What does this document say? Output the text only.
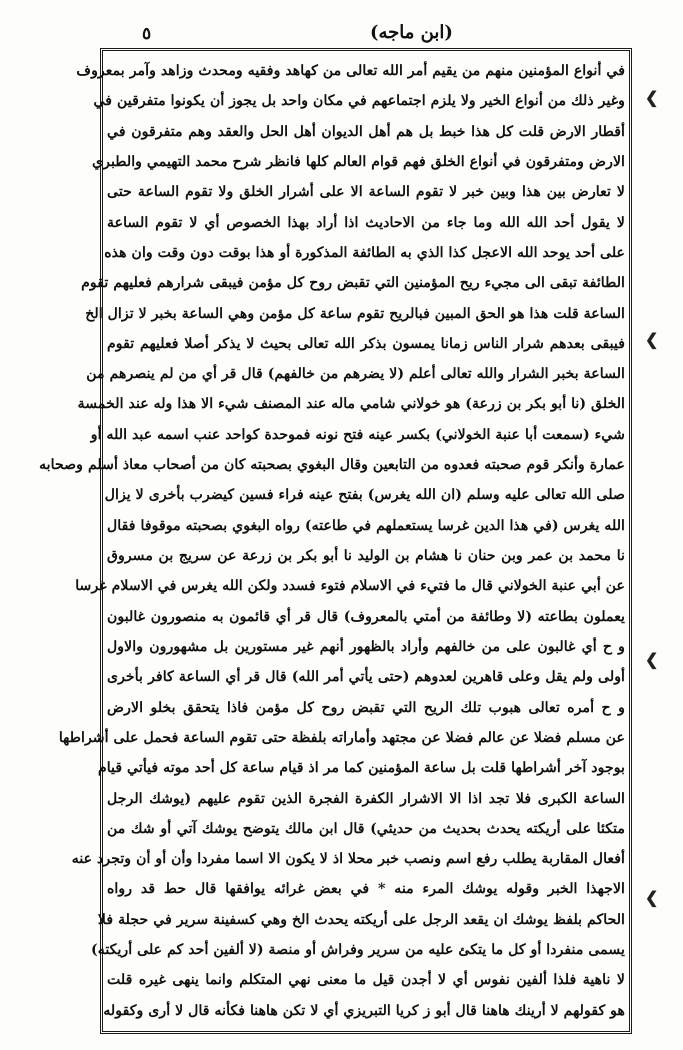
٥	(ابن ماجه)
في أنواع المؤمنين منهم من يقيم أمر الله تعالى من كهاهد وفقيه ومحدث وزاهد وآمر بمعروف
وغير ذلك من أنواع الخير ولا يلزم اجتماعهم في مكان واحد بل يجوز أن يكونوا متفرقين في
أقطار الارض قلت كل هذا خبط بل هم أهل الديوان أهل الحل والعقد وهم متفرقون في
الارض ومتفرقون في أنواع الخلق فهم قوام العالم كلها فانظر شرح محمد التهيمي والطبري
لا تعارض بين هذا وبين خبر لا تقوم الساعة الا على أشرار الخلق ولا تقوم الساعة حتى
لا يقول أحد الله الله وما جاء من الاحاديث اذا أراد بهذا الخصوص أي لا تقوم الساعة
على أحد يوحد الله الاعجل كذا الذي به الطائفة المذكورة أو هذا بوقت دون وقت وان هذه
الطائفة تبقى الى مجيء ريح المؤمنين التي تقبض روح كل مؤمن فيبقى شرارهم فعليهم تقوم
الساعة قلت هذا هو الحق المبين فبالريح تقوم ساعة كل مؤمن وهي الساعة بخبر لا تزال الخ
فيبقى بعدهم شرار الناس زمانا يمسون بذكر الله تعالى بحيث لا يذكر أصلا فعليهم تقوم
الساعة بخبر الشرار والله تعالى أعلم (لا يضرهم من خالفهم) قال قر أي من لم ينصرهم من
الخلق (نا أبو بكر بن زرعة) هو خولاني شامي ماله عند المصنف شيء الا هذا وله عند الخمسة
شيء (سمعت أبا عنبة الخولاني) بكسر عينه فتح نونه فموحدة كواحد عنب اسمه عبد الله أو
عمارة وأنكر قوم صحبته فعدوه من التابعين وقال البغوي بصحبته كان من أصحاب معاذ أسلم وصحابه
صلى الله تعالى عليه وسلم (ان الله يغرس) بفتح عينه فراء فسين كيضرب بأخرى لا يزال
الله يغرس (في هذا الدين غرسا يستعملهم في طاعته) رواه البغوي بصحبته موقوفا فقال
نا محمد بن عمر وبن حنان نا هشام بن الوليد نا أبو بكر بن زرعة عن سريج بن مسروق
عن أبي عنبة الخولاني قال ما فتيء في الاسلام فتوء فسدد ولكن الله يغرس في الاسلام غرسا
يعملون بطاعته (لا وطائفة من أمتي بالمعروف) قال قر أي قائمون به منصورون غالبون
و ح أي غالبون على من خالفهم وأراد بالظهور أنهم غير مستورين بل مشهورون والاول
أولى ولم يقل وعلى قاهرين لعدوهم (حتى يأتي أمر الله) قال قر أي الساعة كافر بأخرى
و ح أمره تعالى هبوب تلك الريح التي تقبض روح كل مؤمن فاذا يتحقق بخلو الارض
عن مسلم فضلا عن عالم فضلا عن مجتهد وأماراته بلفظة حتى تقوم الساعة فحمل على أشراطها
بوجود آخر أشراطها قلت بل ساعة المؤمنين كما مر اذ قيام ساعة كل أحد موته فيأتي قيام
الساعة الكبرى فلا تجد اذا الا الاشرار الكفرة الفجرة الذين تقوم عليهم (يوشك الرجل
متكئا على أريكته يحدث بحديث من حديثي) قال ابن مالك يتوضح يوشك آتي أو شك من
أفعال المقاربة يطلب رفع اسم ونصب خبر محلا اذ لا يكون الا اسما مفردا وأن أو أن وتجرد عنه
الاجهذا الخبر وقوله يوشك المرء منه * في بعض غرائه يوافقها قال حط قد رواه
الحاكم بلفظ يوشك ان يقعد الرجل على أريكته يحدث الخ وهي كسفينة سرير في حجلة فلا
يسمى منفردا أو كل ما يتكئ عليه من سرير وفراش أو منصة (لا ألفين أحد كم على أريكته)
لا ناهية فلذا ألفين نفوس أي لا أجدن قيل ما معنى نهي المتكلم وانما ينهى غيره قلت
هو كقولهم لا أرينك هاهنا قال أبو ز كريا التبريزي أي لا تكن هاهنا فكأنه قال لا أرى وكقوله
❮
❮
❮
❮
